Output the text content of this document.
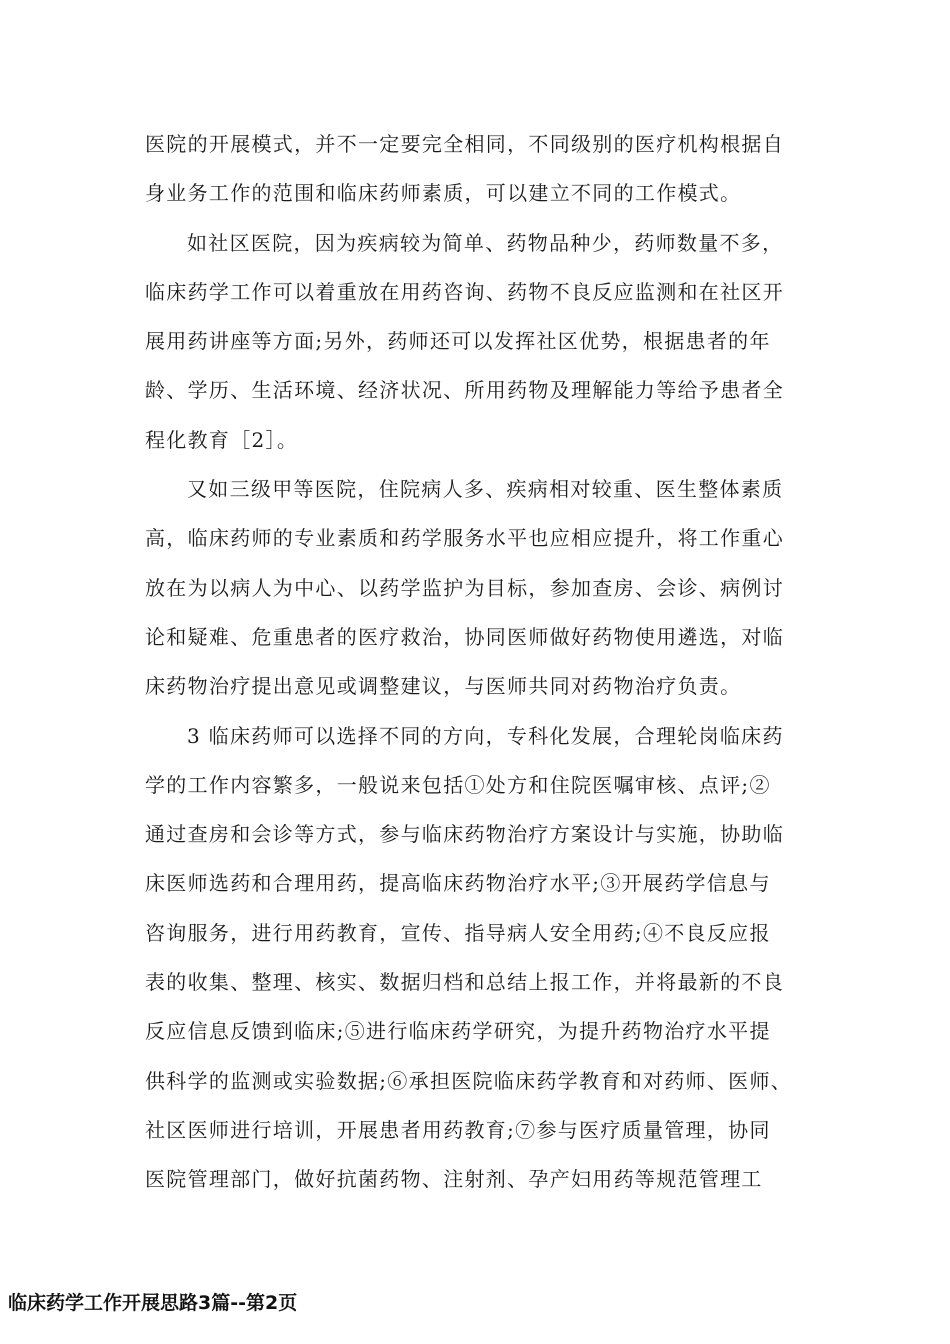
医院的开展模式，并不一定要完全相同，不同级别的医疗机构根据自
身业务工作的范围和临床药师素质，可以建立不同的工作模式。
如社区医院，因为疾病较为简单、药物品种少，药师数量不多，
临床药学工作可以着重放在用药咨询、药物不良反应监测和在社区开
展用药讲座等方面;另外，药师还可以发挥社区优势，根据患者的年
龄、学历、生活环境、经济状况、所用药物及理解能力等给予患者全
程化教育［2］。
又如三级甲等医院，住院病人多、疾病相对较重、医生整体素质
高，临床药师的专业素质和药学服务水平也应相应提升，将工作重心
放在为以病人为中心、以药学监护为目标，参加查房、会诊、病例讨
论和疑难、危重患者的医疗救治，协同医师做好药物使用遴选，对临
床药物治疗提出意见或调整建议，与医师共同对药物治疗负责。
3 临床药师可以选择不同的方向，专科化发展，合理轮岗临床药
学的工作内容繁多，一般说来包括①处方和住院医嘱审核、点评;②
通过查房和会诊等方式，参与临床药物治疗方案设计与实施，协助临
床医师选药和合理用药，提高临床药物治疗水平;③开展药学信息与
咨询服务，进行用药教育，宣传、指导病人安全用药;④不良反应报
表的收集、整理、核实、数据归档和总结上报工作，并将最新的不良
反应信息反馈到临床;⑤进行临床药学研究，为提升药物治疗水平提
供科学的监测或实验数据;⑥承担医院临床药学教育和对药师、医师、
社区医师进行培训，开展患者用药教育;⑦参与医疗质量管理，协同
医院管理部门，做好抗菌药物、注射剂、孕产妇用药等规范管理工
临床药学工作开展思路3篇--第2页
